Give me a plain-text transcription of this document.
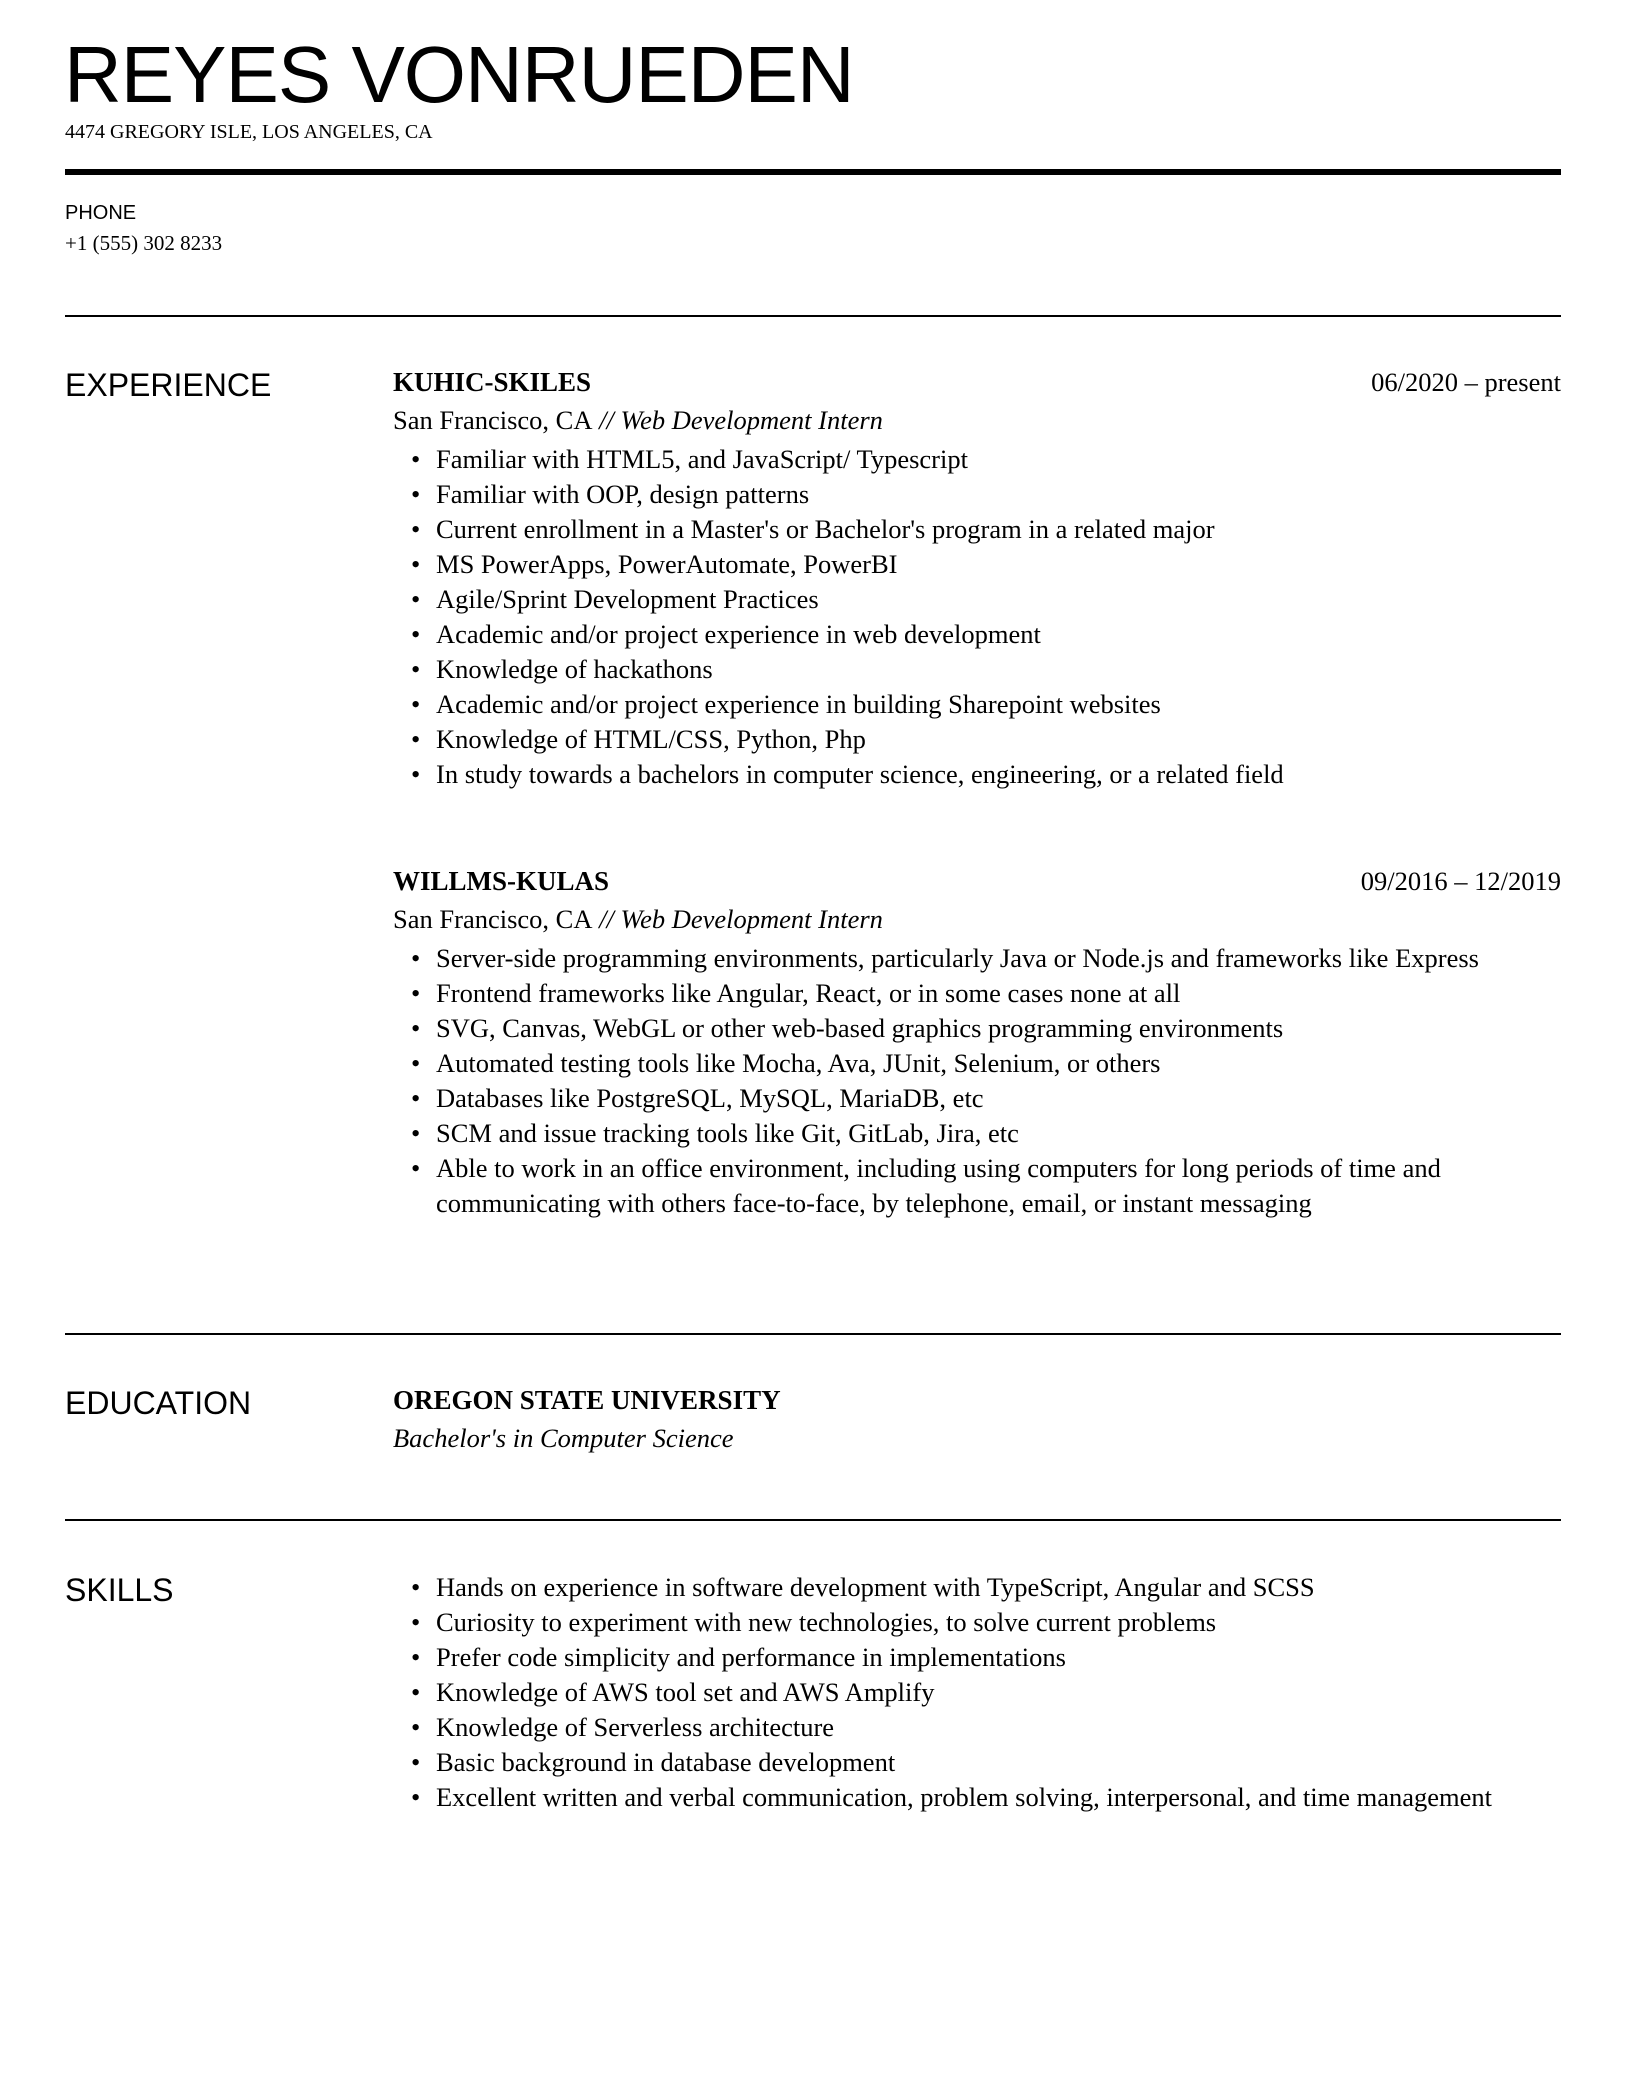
REYES VONRUEDEN
4474 GREGORY ISLE, LOS ANGELES, CA
PHONE
+1 (555) 302 8233
EXPERIENCE	KUHIC-SKILES	06/2020 – present
San Francisco, CA // Web Development Intern
• Familiar with HTML5, and JavaScript/ Typescript
• Familiar with OOP, design patterns
• Current enrollment in a Master's or Bachelor's program in a related major
• MS PowerApps, PowerAutomate, PowerBI
• Agile/Sprint Development Practices
• Academic and/or project experience in web development
• Knowledge of hackathons
• Academic and/or project experience in building Sharepoint websites
• Knowledge of HTML/CSS, Python, Php
• In study towards a bachelors in computer science, engineering, or a related field
WILLMS-KULAS	09/2016 – 12/2019
San Francisco, CA // Web Development Intern
• Server-side programming environments, particularly Java or Node.js and frameworks like Express
• Frontend frameworks like Angular, React, or in some cases none at all
• SVG, Canvas, WebGL or other web-based graphics programming environments
• Automated testing tools like Mocha, Ava, JUnit, Selenium, or others
• Databases like PostgreSQL, MySQL, MariaDB, etc
• SCM and issue tracking tools like Git, GitLab, Jira, etc
• Able to work in an office environment, including using computers for long periods of time and communicating with others face-to-face, by telephone, email, or instant messaging
EDUCATION	OREGON STATE UNIVERSITY
Bachelor's in Computer Science
SKILLS	• Hands on experience in software development with TypeScript, Angular and SCSS
• Curiosity to experiment with new technologies, to solve current problems
• Prefer code simplicity and performance in implementations
• Knowledge of AWS tool set and AWS Amplify
• Knowledge of Serverless architecture
• Basic background in database development
• Excellent written and verbal communication, problem solving, interpersonal, and time management
